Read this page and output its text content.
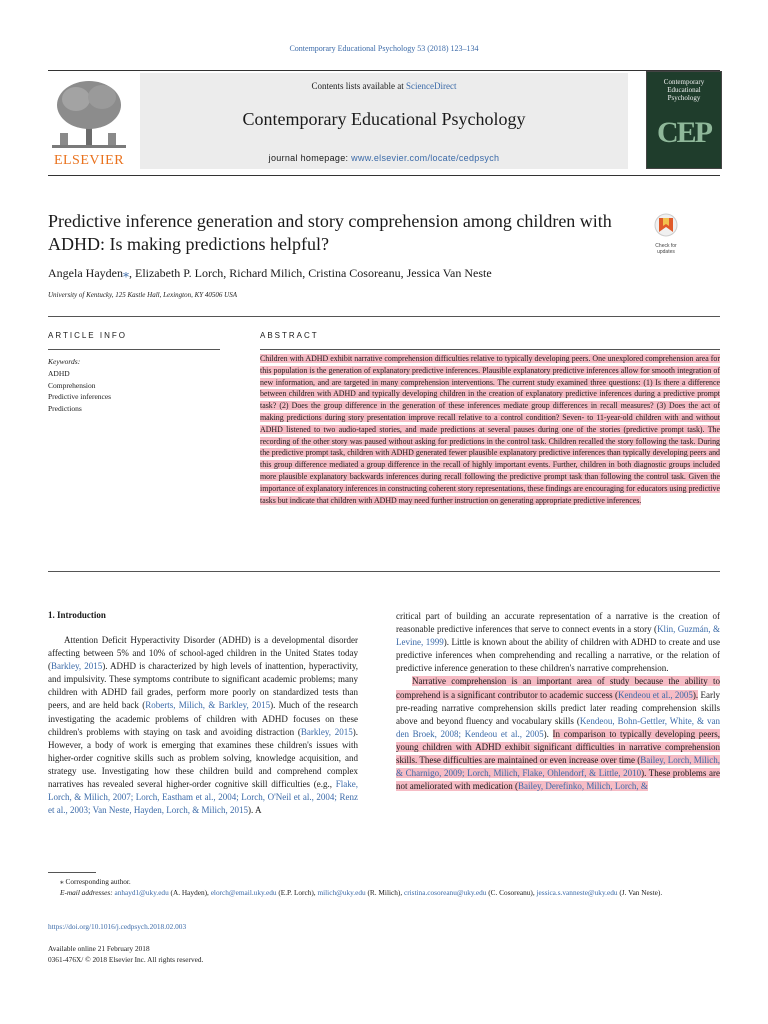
Contemporary Educational Psychology 53 (2018) 123–134
ELSEVIER
Contents lists available at ScienceDirect
Contemporary Educational Psychology
journal homepage: www.elsevier.com/locate/cedpsych
Contemporary Educational Psychology
CEP
Predictive inference generation and story comprehension among children with ADHD: Is making predictions helpful?	Check for
updates
Angela Hayden⁎, Elizabeth P. Lorch, Richard Milich, Cristina Cosoreanu, Jessica Van Neste
University of Kentucky, 125 Kastle Hall, Lexington, KY 40506 USA
ARTICLE INFO	ABSTRACT
Keywords:
ADHD
Comprehension
Predictive inferences
Predictions
Children with ADHD exhibit narrative comprehension difficulties relative to typically developing peers. One unexplored comprehension area for this population is the generation of explanatory predictive inferences. Plausible explanatory predictive inferences allow for smooth integration of new information, and are targeted in many comprehension interventions. The current study examined three questions: (1) Is there a difference between children with ADHD and typically developing children in the creation of explanatory predictive inferences during a predictive prompt task? (2) Does the group difference in the generation of these inferences mediate group differences in recall measures? (3) Does the act of making predictions during story presentation improve recall relative to a control condition? Seven- to 11-year-old children with and without ADHD listened to two audio-taped stories, and made predictions at several pauses during one of the stories (predictive prompt task). The recording of the other story was paused without asking for predictions in the control task. Children recalled the story following the task. During the predictive prompt task, children with ADHD generated fewer plausible explanatory predictive inferences than typically developing peers and this group difference mediated a group difference in the recall of highly important events. Further, children in both diagnostic groups included more plausible explanatory backwards inferences during recall following the predictive prompt task than following the control task. Given the importance of explanatory inferences in constructing coherent story representations, these findings are encouraging for educators using predictive tasks but indicate that children with ADHD may need further instruction on generating appropriate predictive inferences.
1. Introduction

Attention Deficit Hyperactivity Disorder (ADHD) is a developmental disorder affecting between 5% and 10% of school-aged children in the United States today (Barkley, 2015). ADHD is characterized by high levels of inattention, hyperactivity, and impulsivity. These symptoms contribute to significant academic problems; many children with ADHD fail grades, perform more poorly on standardized tests than peers, and are held back (Roberts, Milich, & Barkley, 2015). Much of the research investigating the academic problems of children with ADHD focuses on these children's problems with staying on task and avoiding distraction (Barkley, 2015). However, a body of work is emerging that examines these children's issues with higher-order cognitive skills such as problem solving, knowledge acquisition, and strategy use. Investigating how these children build and comprehend complex narratives has revealed several higher-order cognitive skill difficulties (e.g., Flake, Lorch, & Milich, 2007; Lorch, Eastham et al., 2004; Lorch, O'Neil et al., 2004; Renz et al., 2003; Van Neste, Hayden, Lorch, & Milich, 2015). A

critical part of building an accurate representation of a narrative is the creation of reasonable predictive inferences that serve to connect events in a story (Klin, Guzmán, & Levine, 1999). Little is known about the ability of children with ADHD to create and use predictive inferences when comprehending and recalling a narrative, or the relation of predictive inference generation to these children's narrative comprehension.

Narrative comprehension is an important area of study because the ability to comprehend is a significant contributor to academic success (Kendeou et al., 2005). Early pre-reading narrative comprehension skills predict later reading comprehension skills above and beyond fluency and vocabulary skills (Kendeou, Bohn-Gettler, White, & van den Broek, 2008; Kendeou et al., 2005). In comparison to typically developing peers, young children with ADHD exhibit significant difficulties in narrative comprehension skills. These difficulties are maintained or even increase over time (Bailey, Lorch, Milich, & Charnigo, 2009; Lorch, Milich, Flake, Ohlendorf, & Little, 2010). These problems are not ameliorated with medication (Bailey, Derefinko, Milich, Lorch, &

⁎ Corresponding author.
E-mail addresses: anhayd1@uky.edu (A. Hayden), elorch@email.uky.edu (E.P. Lorch), milich@uky.edu (R. Milich), cristina.cosoreanu@uky.edu (C. Cosoreanu), jessica.s.vanneste@uky.edu (J. Van Neste).
https://doi.org/10.1016/j.cedpsych.2018.02.003
Available online 21 February 2018
0361-476X/ © 2018 Elsevier Inc. All rights reserved.
